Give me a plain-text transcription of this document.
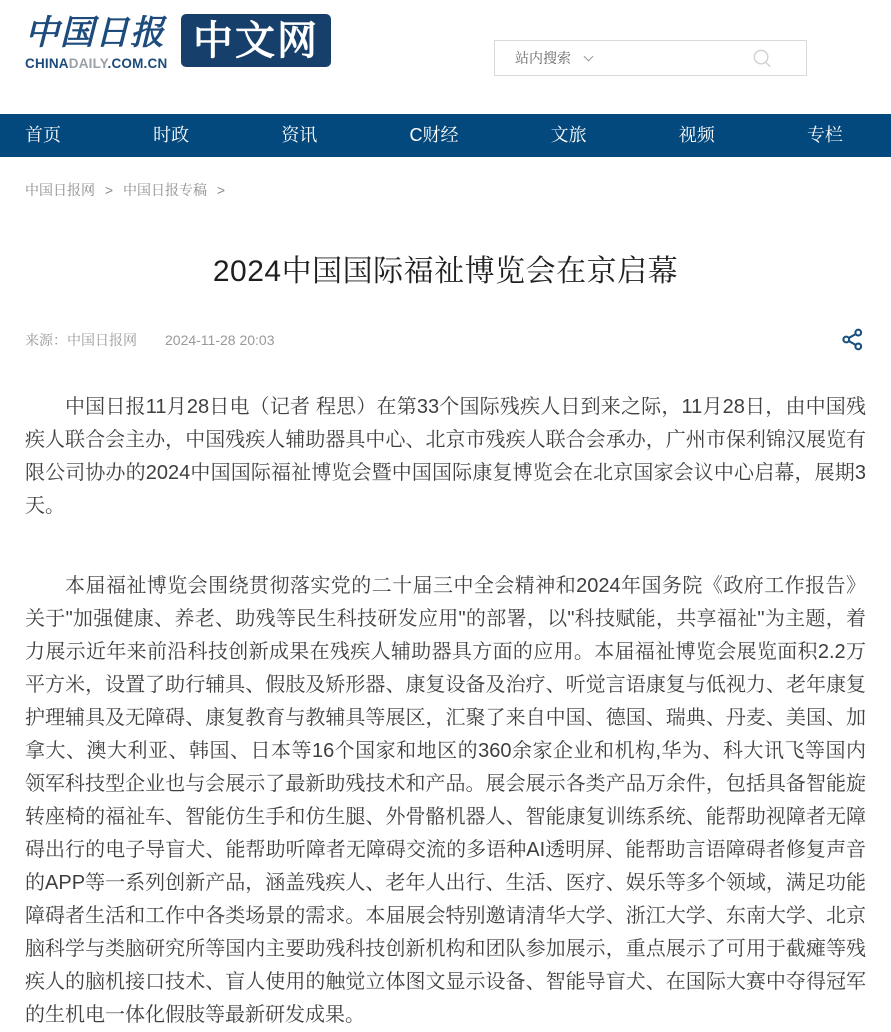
中国日报
CHINADAILY.COM.CN 中文网	站内搜索
首页	时政	资讯	C财经	文旅	视频	专栏
中国日报网 > 中国日报专稿 >
2024中国国际福祉博览会在京启幕
来源：中国日报网 2024-11-28 20:03

中国日报11月28日电（记者 程思）在第33个国际残疾人日到来之际，11月28日，由中国残疾人联合会主办，中国残疾人辅助器具中心、北京市残疾人联合会承办，广州市保利锦汉展览有限公司协办的2024中国国际福祉博览会暨中国国际康复博览会在北京国家会议中心启幕，展期3天。

本届福祉博览会围绕贯彻落实党的二十届三中全会精神和2024年国务院《政府工作报告》关于"加强健康、养老、助残等民生科技研发应用"的部署，以"科技赋能，共享福祉"为主题，着力展示近年来前沿科技创新成果在残疾人辅助器具方面的应用。本届福祉博览会展览面积2.2万平方米，设置了助行辅具、假肢及矫形器、康复设备及治疗、听觉言语康复与低视力、老年康复护理辅具及无障碍、康复教育与教辅具等展区，汇聚了来自中国、德国、瑞典、丹麦、美国、加拿大、澳大利亚、韩国、日本等16个国家和地区的360余家企业和机构,华为、科大讯飞等国内领军科技型企业也与会展示了最新助残技术和产品。展会展示各类产品万余件，包括具备智能旋转座椅的福祉车、智能仿生手和仿生腿、外骨骼机器人、智能康复训练系统、能帮助视障者无障碍出行的电子导盲犬、能帮助听障者无障碍交流的多语种AI透明屏、能帮助言语障碍者修复声音的APP等一系列创新产品，涵盖残疾人、老年人出行、生活、医疗、娱乐等多个领域，满足功能障碍者生活和工作中各类场景的需求。本届展会特别邀请清华大学、浙江大学、东南大学、北京脑科学与类脑研究所等国内主要助残科技创新机构和团队参加展示，重点展示了可用于截瘫等残疾人的脑机接口技术、盲人使用的触觉立体图文显示设备、智能导盲犬、在国际大赛中夺得冠军的生机电一体化假肢等最新研发成果。
